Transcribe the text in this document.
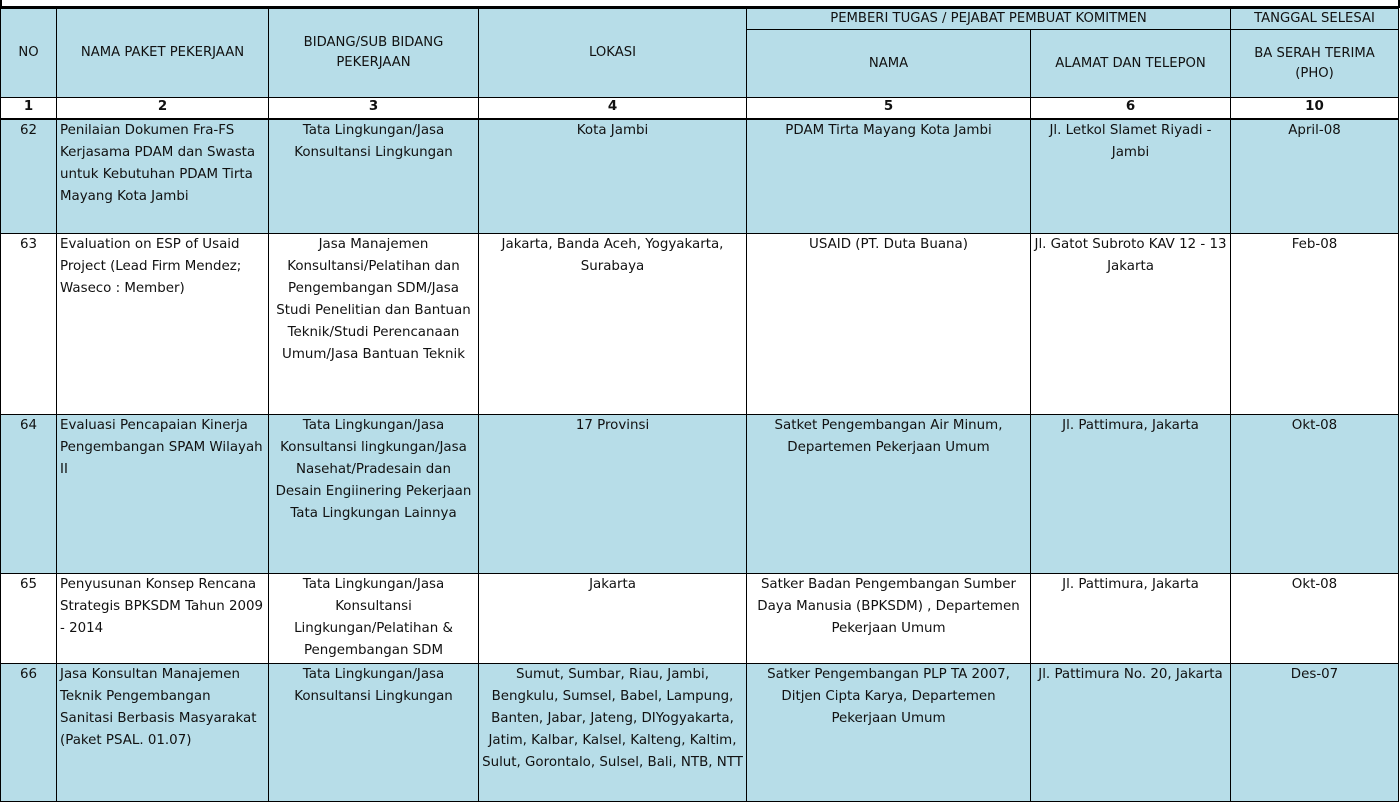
NO	NAMA PAKET PEKERJAAN	BIDANG/SUB BIDANG PEKERJAAN	LOKASI	PEMBERI TUGAS / PEJABAT PEMBUAT KOMITMEN		TANGGAL SELESAI
				NAMA	ALAMAT DAN TELEPON	BA SERAH TERIMA (PHO)
1	2	3	4	5	6	10
62	Penilaian Dokumen Fra-FS Kerjasama PDAM dan Swasta untuk Kebutuhan PDAM Tirta Mayang Kota Jambi	Tata Lingkungan/Jasa Konsultansi Lingkungan	Kota Jambi	PDAM Tirta Mayang Kota Jambi	Jl. Letkol Slamet Riyadi - Jambi	April-08
63	Evaluation on ESP of Usaid Project (Lead Firm Mendez; Waseco : Member)	Jasa Manajemen Konsultansi/Pelatihan dan Pengembangan SDM/Jasa Studi Penelitian dan Bantuan Teknik/Studi Perencanaan Umum/Jasa Bantuan Teknik	Jakarta, Banda Aceh, Yogyakarta, Surabaya	USAID (PT. Duta Buana)	Jl. Gatot Subroto KAV 12 - 13 Jakarta	Feb-08
64	Evaluasi Pencapaian Kinerja Pengembangan SPAM Wilayah II	Tata Lingkungan/Jasa Konsultansi lingkungan/Jasa Nasehat/Pradesain dan Desain Engiinering Pekerjaan Tata Lingkungan Lainnya	17 Provinsi	Satket Pengembangan Air Minum, Departemen Pekerjaan Umum	Jl. Pattimura, Jakarta	Okt-08
65	Penyusunan Konsep Rencana Strategis BPKSDM Tahun 2009 - 2014	Tata Lingkungan/Jasa Konsultansi Lingkungan/Pelatihan & Pengembangan SDM	Jakarta	Satker Badan Pengembangan Sumber Daya Manusia (BPKSDM) , Departemen Pekerjaan Umum	Jl. Pattimura, Jakarta	Okt-08
66	Jasa Konsultan Manajemen Teknik Pengembangan Sanitasi Berbasis Masyarakat (Paket PSAL. 01.07)	Tata Lingkungan/Jasa Konsultansi Lingkungan	Sumut, Sumbar, Riau, Jambi, Bengkulu, Sumsel, Babel, Lampung, Banten, Jabar, Jateng, DIYogyakarta, Jatim, Kalbar, Kalsel, Kalteng, Kaltim, Sulut, Gorontalo, Sulsel, Bali, NTB, NTT	Satker Pengembangan PLP TA 2007, Ditjen Cipta Karya, Departemen Pekerjaan Umum	Jl. Pattimura No. 20, Jakarta	Des-07
